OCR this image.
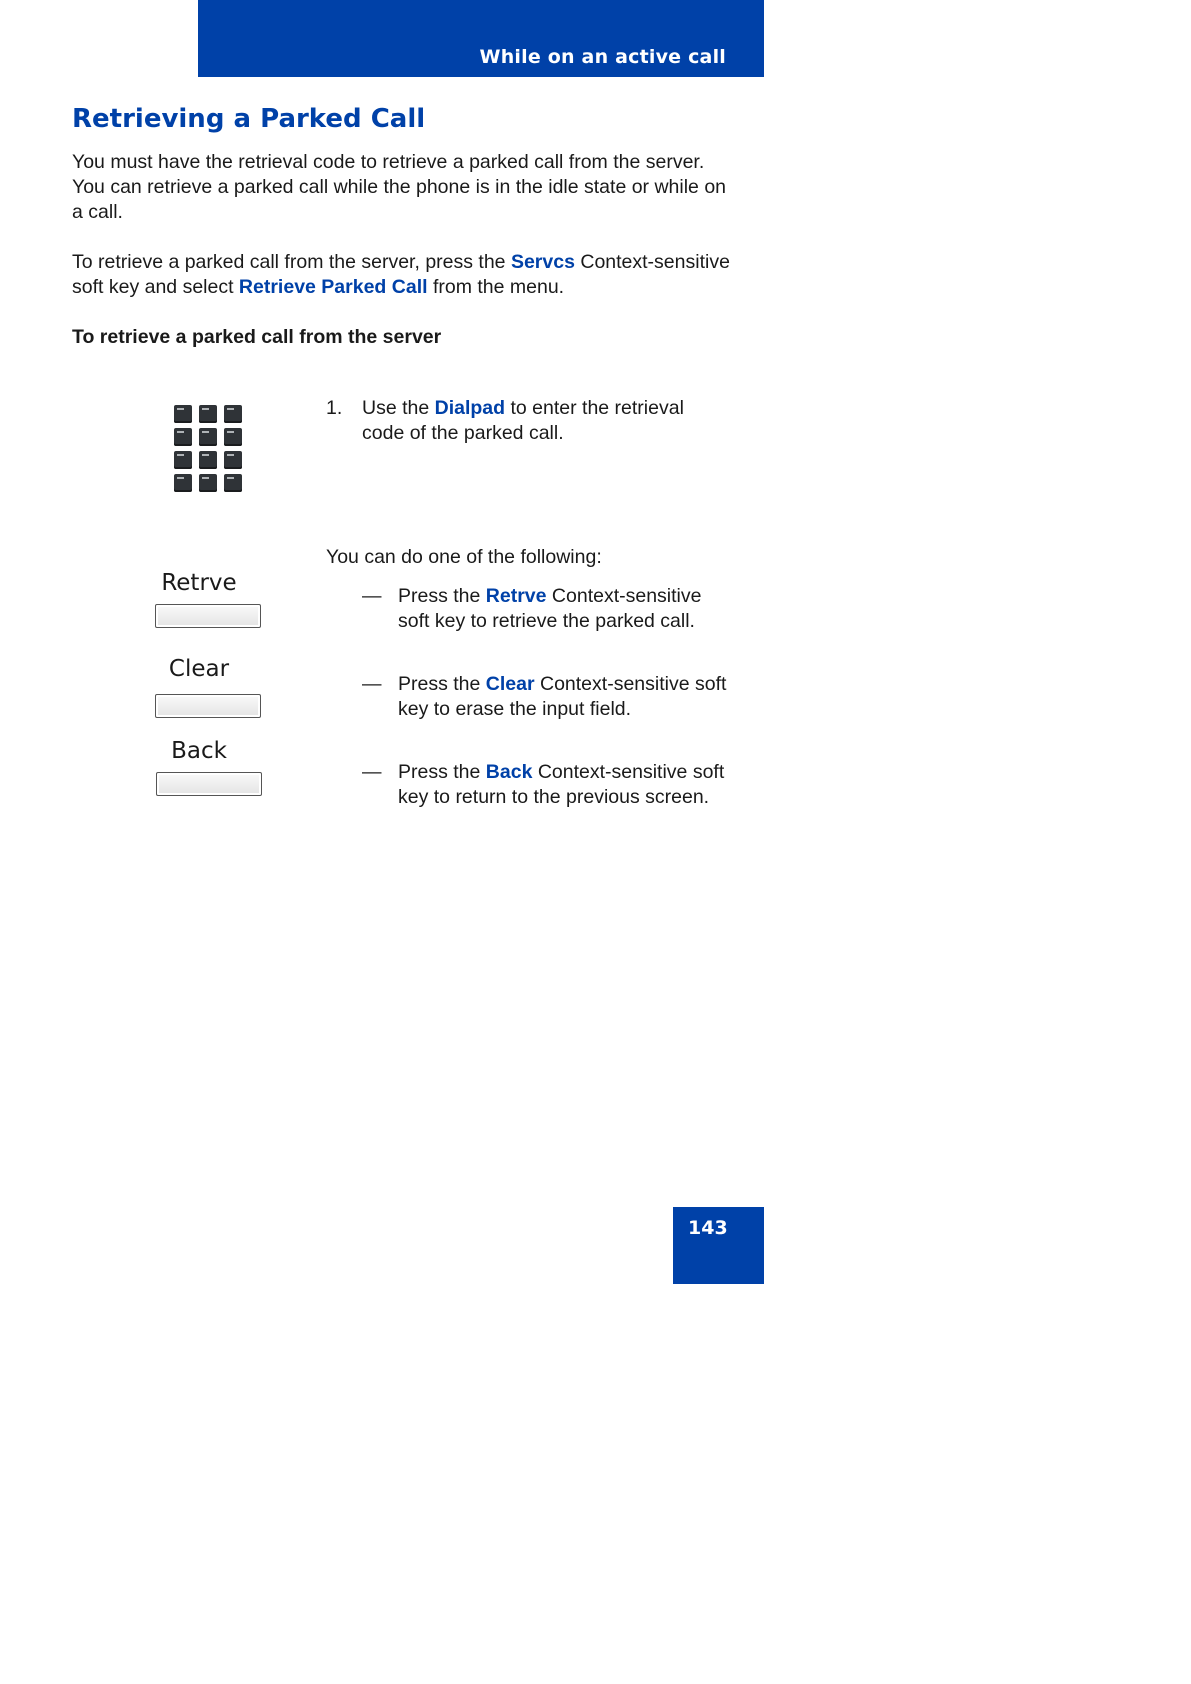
While on an active call
Retrieving a Parked Call

You must have the retrieval code to retrieve a parked call from the server. You can retrieve a parked call while the phone is in the idle state or while on a call.

To retrieve a parked call from the server, press the Servcs Context-sensitive soft key and select Retrieve Parked Call from the menu.

To retrieve a parked call from the server

1. Use the Dialpad to enter the retrieval code of the parked call.

You can do one of the following:

— Press the Retrve Context-sensitive soft key to retrieve the parked call.
— Press the Clear Context-sensitive soft key to erase the input field.
— Press the Back Context-sensitive soft key to return to the previous screen.
Retrve
Clear
Back
143
